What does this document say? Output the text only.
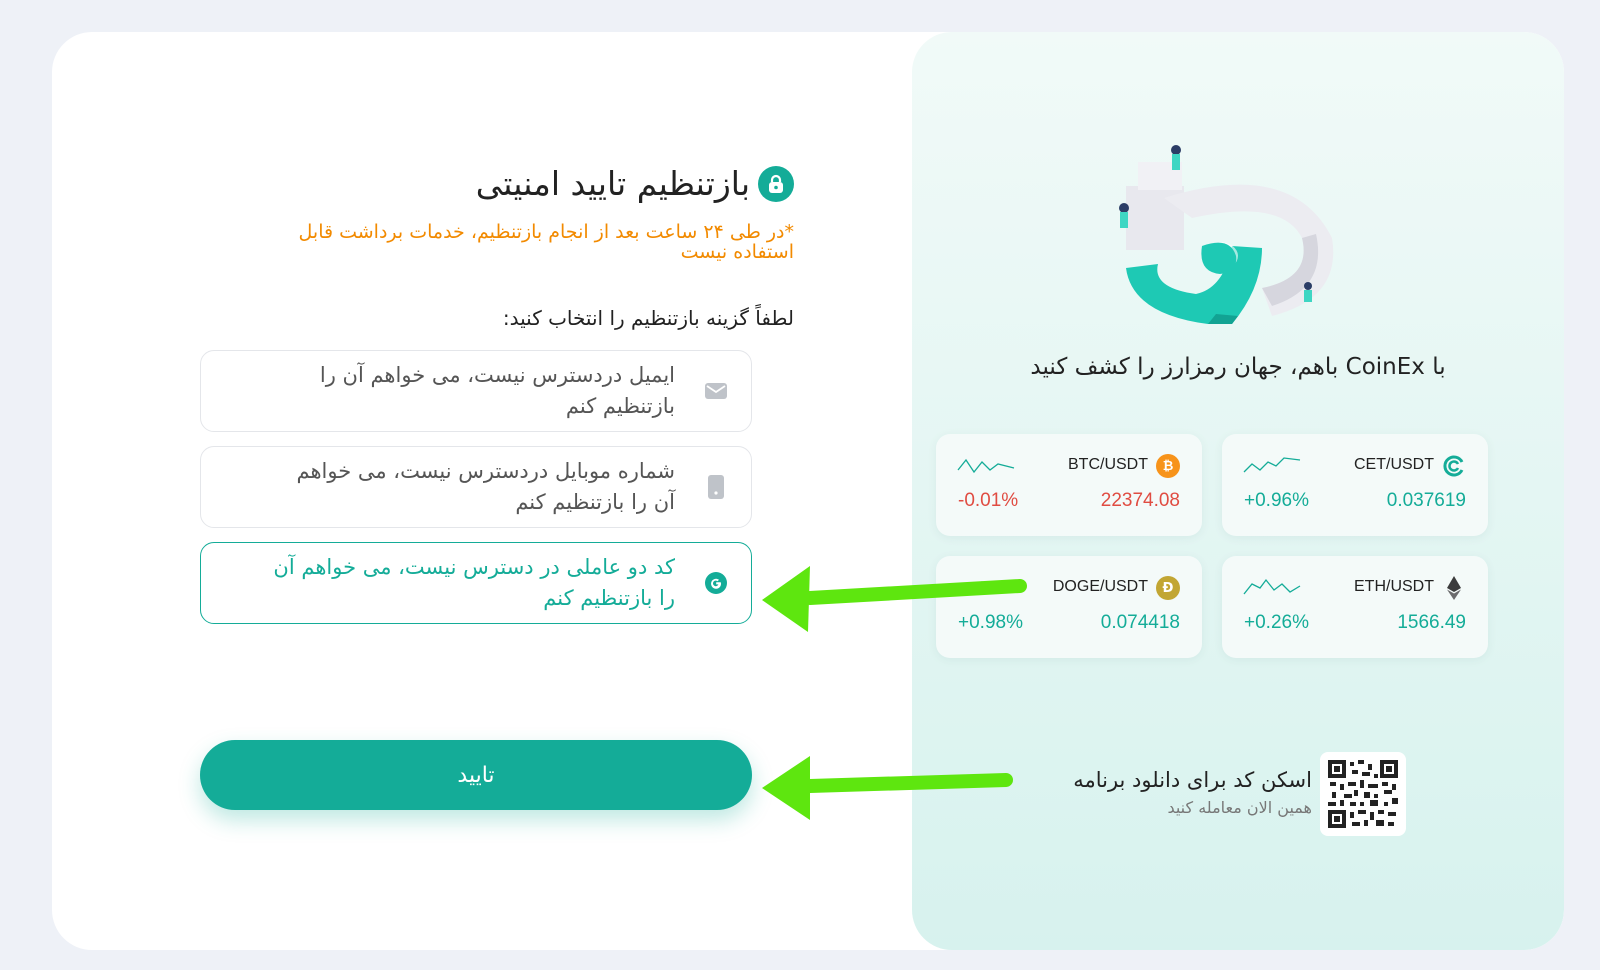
بازتنظیم تایید امنیتی
*در طی ۲۴ ساعت بعد از انجام بازتنظیم، خدمات برداشت قابل استفاده نیست
لطفاً گزینه بازتنظیم را انتخاب کنید:
ایمیل دردسترس نیست، می خواهم آن را بازتنظیم کنم
شماره موبایل دردسترس نیست، می خواهم آن را بازتنظیم کنم
کد دو عاملی در دسترس نیست، می خواهم آن را بازتنظیم کنم
تایید
با CoinEx باهم، جهان رمزارز را کشف کنید
CET/USDT
0.037619
+0.96%
₿
BTC/USDT
22374.08
-0.01%
ETH/USDT
1566.49
+0.26%
Ð
DOGE/USDT
0.074418
+0.98%
اسکن کد برای دانلود برنامه
همین الان معامله کنید
